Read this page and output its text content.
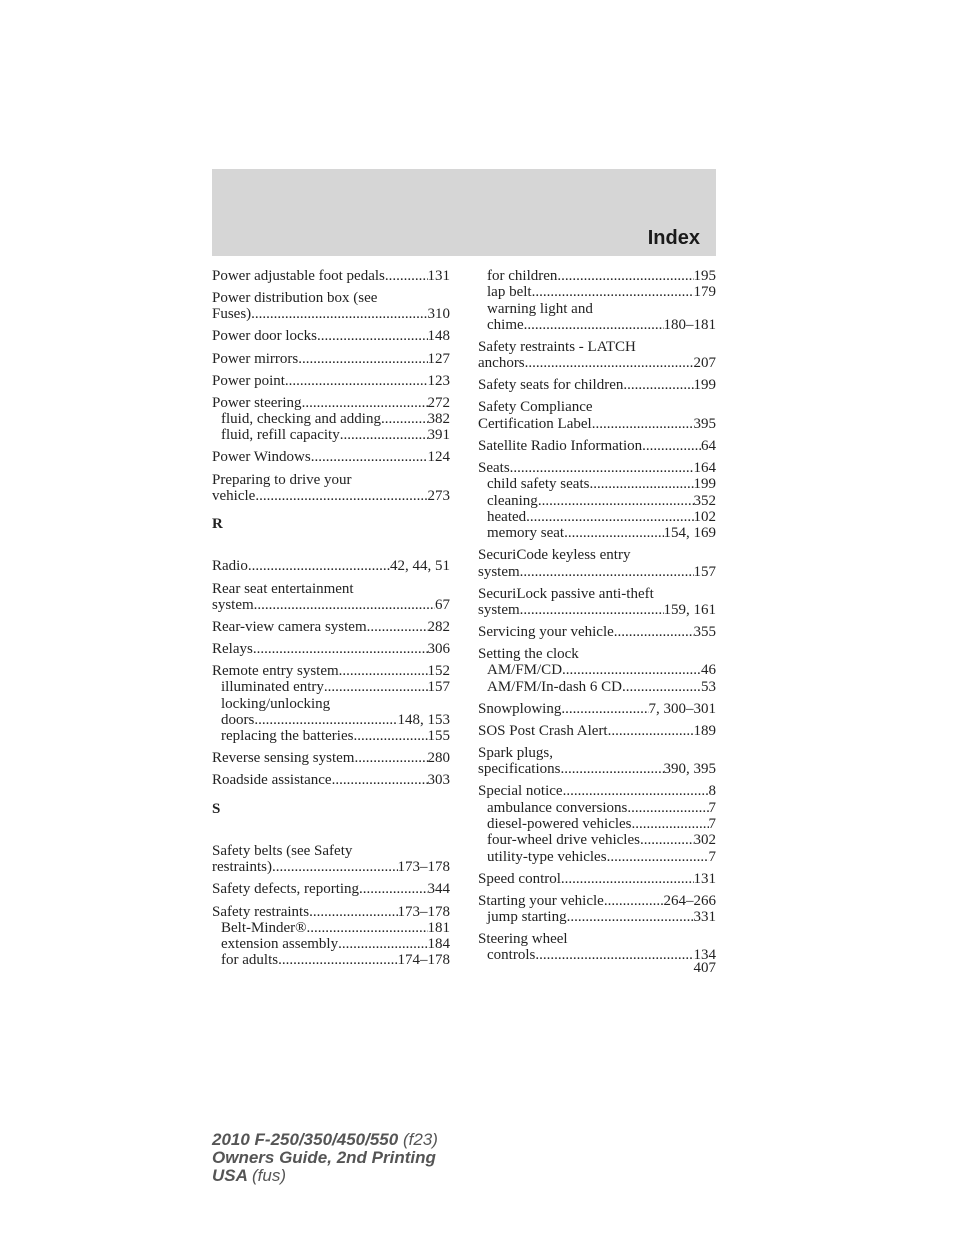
Index
Power adjustable foot pedals .....	131
Power distribution box (see
Fuses) .....	310
Power door locks .....	148
Power mirrors .....	127
Power point .....	123
Power steering .....	272
fluid, checking and adding .....	382
fluid, refill capacity .....	391
Power Windows .....	124
Preparing to drive your
vehicle .....	273
R
Radio .....	42, 44, 51
Rear seat entertainment
system .....	67
Rear-view camera system .....	282
Relays .....	306
Remote entry system .....	152
illuminated entry .....	157
locking/unlocking
doors .....	148, 153
replacing the batteries .....	155
Reverse sensing system .....	280
Roadside assistance .....	303
S
Safety belts (see Safety
restraints) .....	173–178
Safety defects, reporting .....	344
Safety restraints .....	173–178
Belt-Minder® .....	181
extension assembly .....	184
for adults .....	174–178
for children .....	195
lap belt .....	179
warning light and
chime .....	180–181
Safety restraints - LATCH
anchors .....	207
Safety seats for children .....	199
Safety Compliance
Certification Label .....	395
Satellite Radio Information .....	64
Seats .....	164
child safety seats .....	199
cleaning .....	352
heated .....	102
memory seat .....	154, 169
SecuriCode keyless entry
system .....	157
SecuriLock passive anti-theft
system .....	159, 161
Servicing your vehicle .....	355
Setting the clock
AM/FM/CD .....	46
AM/FM/In-dash 6 CD .....	53
Snowplowing .....	7, 300–301
SOS Post Crash Alert .....	189
Spark plugs,
specifications .....	390, 395
Special notice .....	8
ambulance conversions .....	7
diesel-powered vehicles .....	7
four-wheel drive vehicles .....	302
utility-type vehicles .....	7
Speed control .....	131
Starting your vehicle .....	264–266
jump starting .....	331
Steering wheel
controls .....	134
407
2010 F-250/350/450/550 (f23)
Owners Guide, 2nd Printing
USA (fus)
